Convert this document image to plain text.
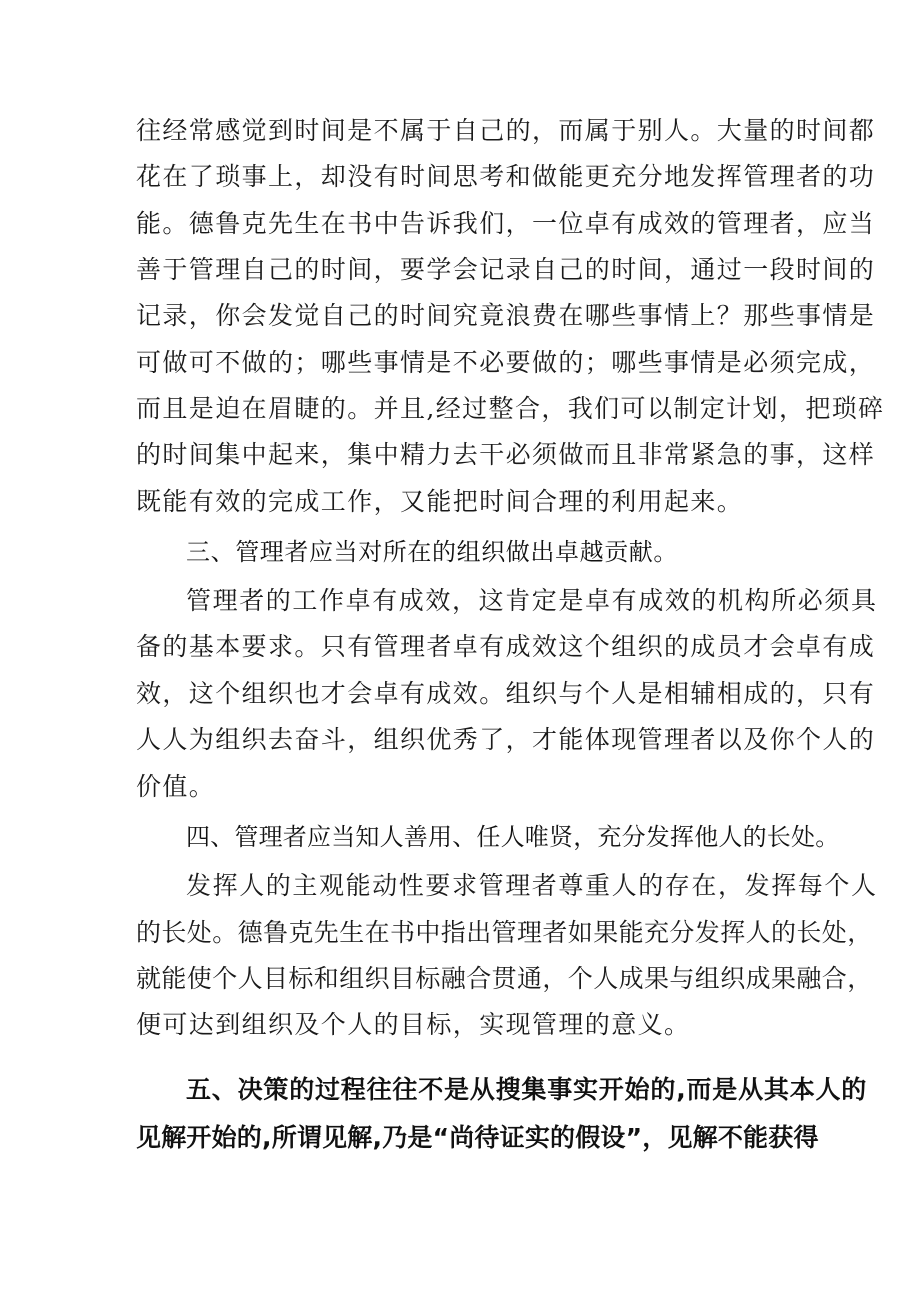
往经常感觉到时间是不属于自己的，而属于别人。大量的时间都
花在了琐事上，却没有时间思考和做能更充分地发挥管理者的功
能。德鲁克先生在书中告诉我们，一位卓有成效的管理者，应当
善于管理自己的时间，要学会记录自己的时间，通过一段时间的
记录，你会发觉自己的时间究竟浪费在哪些事情上？那些事情是
可做可不做的；哪些事情是不必要做的；哪些事情是必须完成，
而且是迫在眉睫的。并且,经过整合，我们可以制定计划，把琐碎
的时间集中起来，集中精力去干必须做而且非常紧急的事，这样
既能有效的完成工作，又能把时间合理的利用起来。
三、管理者应当对所在的组织做出卓越贡献。
管理者的工作卓有成效，这肯定是卓有成效的机构所必须具
备的基本要求。只有管理者卓有成效这个组织的成员才会卓有成
效，这个组织也才会卓有成效。组织与个人是相辅相成的，只有
人人为组织去奋斗，组织优秀了，才能体现管理者以及你个人的
价值。
四、管理者应当知人善用、任人唯贤，充分发挥他人的长处。
发挥人的主观能动性要求管理者尊重人的存在，发挥每个人
的长处。德鲁克先生在书中指出管理者如果能充分发挥人的长处，
就能使个人目标和组织目标融合贯通，个人成果与组织成果融合，
便可达到组织及个人的目标，实现管理的意义。
五、决策的过程往往不是从搜集事实开始的,而是从其本人的
见解开始的,所谓见解,乃是“尚待证实的假设”，见解不能获得
